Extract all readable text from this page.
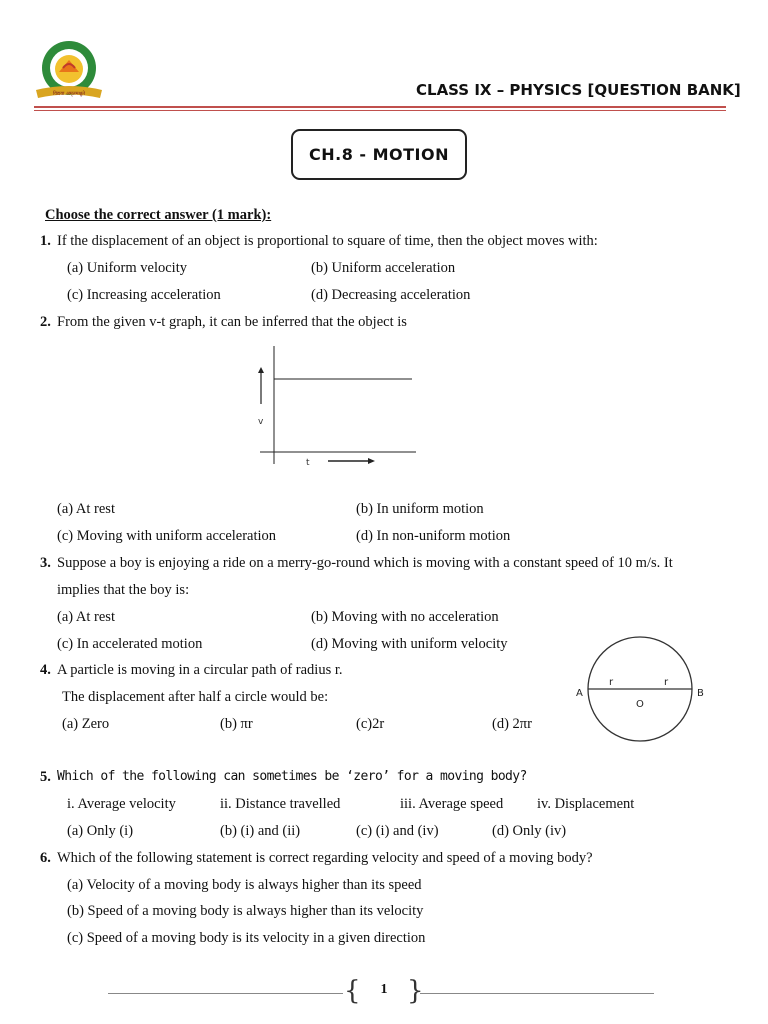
विद्यया अमृतमश्नुते	CLASS IX – PHYSICS [QUESTION BANK]
CH.8 - MOTION
Choose the correct answer (1 mark):
1. If the displacement of an object is proportional to square of time, then the object moves with:
(a) Uniform velocity	(b) Uniform acceleration
(c) Increasing acceleration	(d) Decreasing acceleration
2. From the given v-t graph, it can be inferred that the object is
v
t
(a) At rest	(b) In uniform motion
(c) Moving with uniform acceleration	(d) In non-uniform motion
3. Suppose a boy is enjoying a ride on a merry-go-round which is moving with a constant speed of 10 m/s. It
implies that the boy is:
(a) At rest	(b) Moving with no acceleration
(c) In accelerated motion	(d) Moving with uniform velocity
4. A particle is moving in a circular path of radius r.
The displacement after half a circle would be:
(a) Zero	(b) πr	(c)2r	(d) 2πr
A	B
O
r	r
5. Which of the following can sometimes be ‘zero’ for a moving body?
i. Average velocity	ii. Distance travelled	iii. Average speed iv. Displacement
(a) Only (i)	(b) (i) and (ii)	(c) (i) and (iv)	(d) Only (iv)
6. Which of the following statement is correct regarding velocity and speed of a moving body?
(a) Velocity of a moving body is always higher than its speed
(b) Speed of a moving body is always higher than its velocity
(c) Speed of a moving body is its velocity in a given direction
{	1 }
